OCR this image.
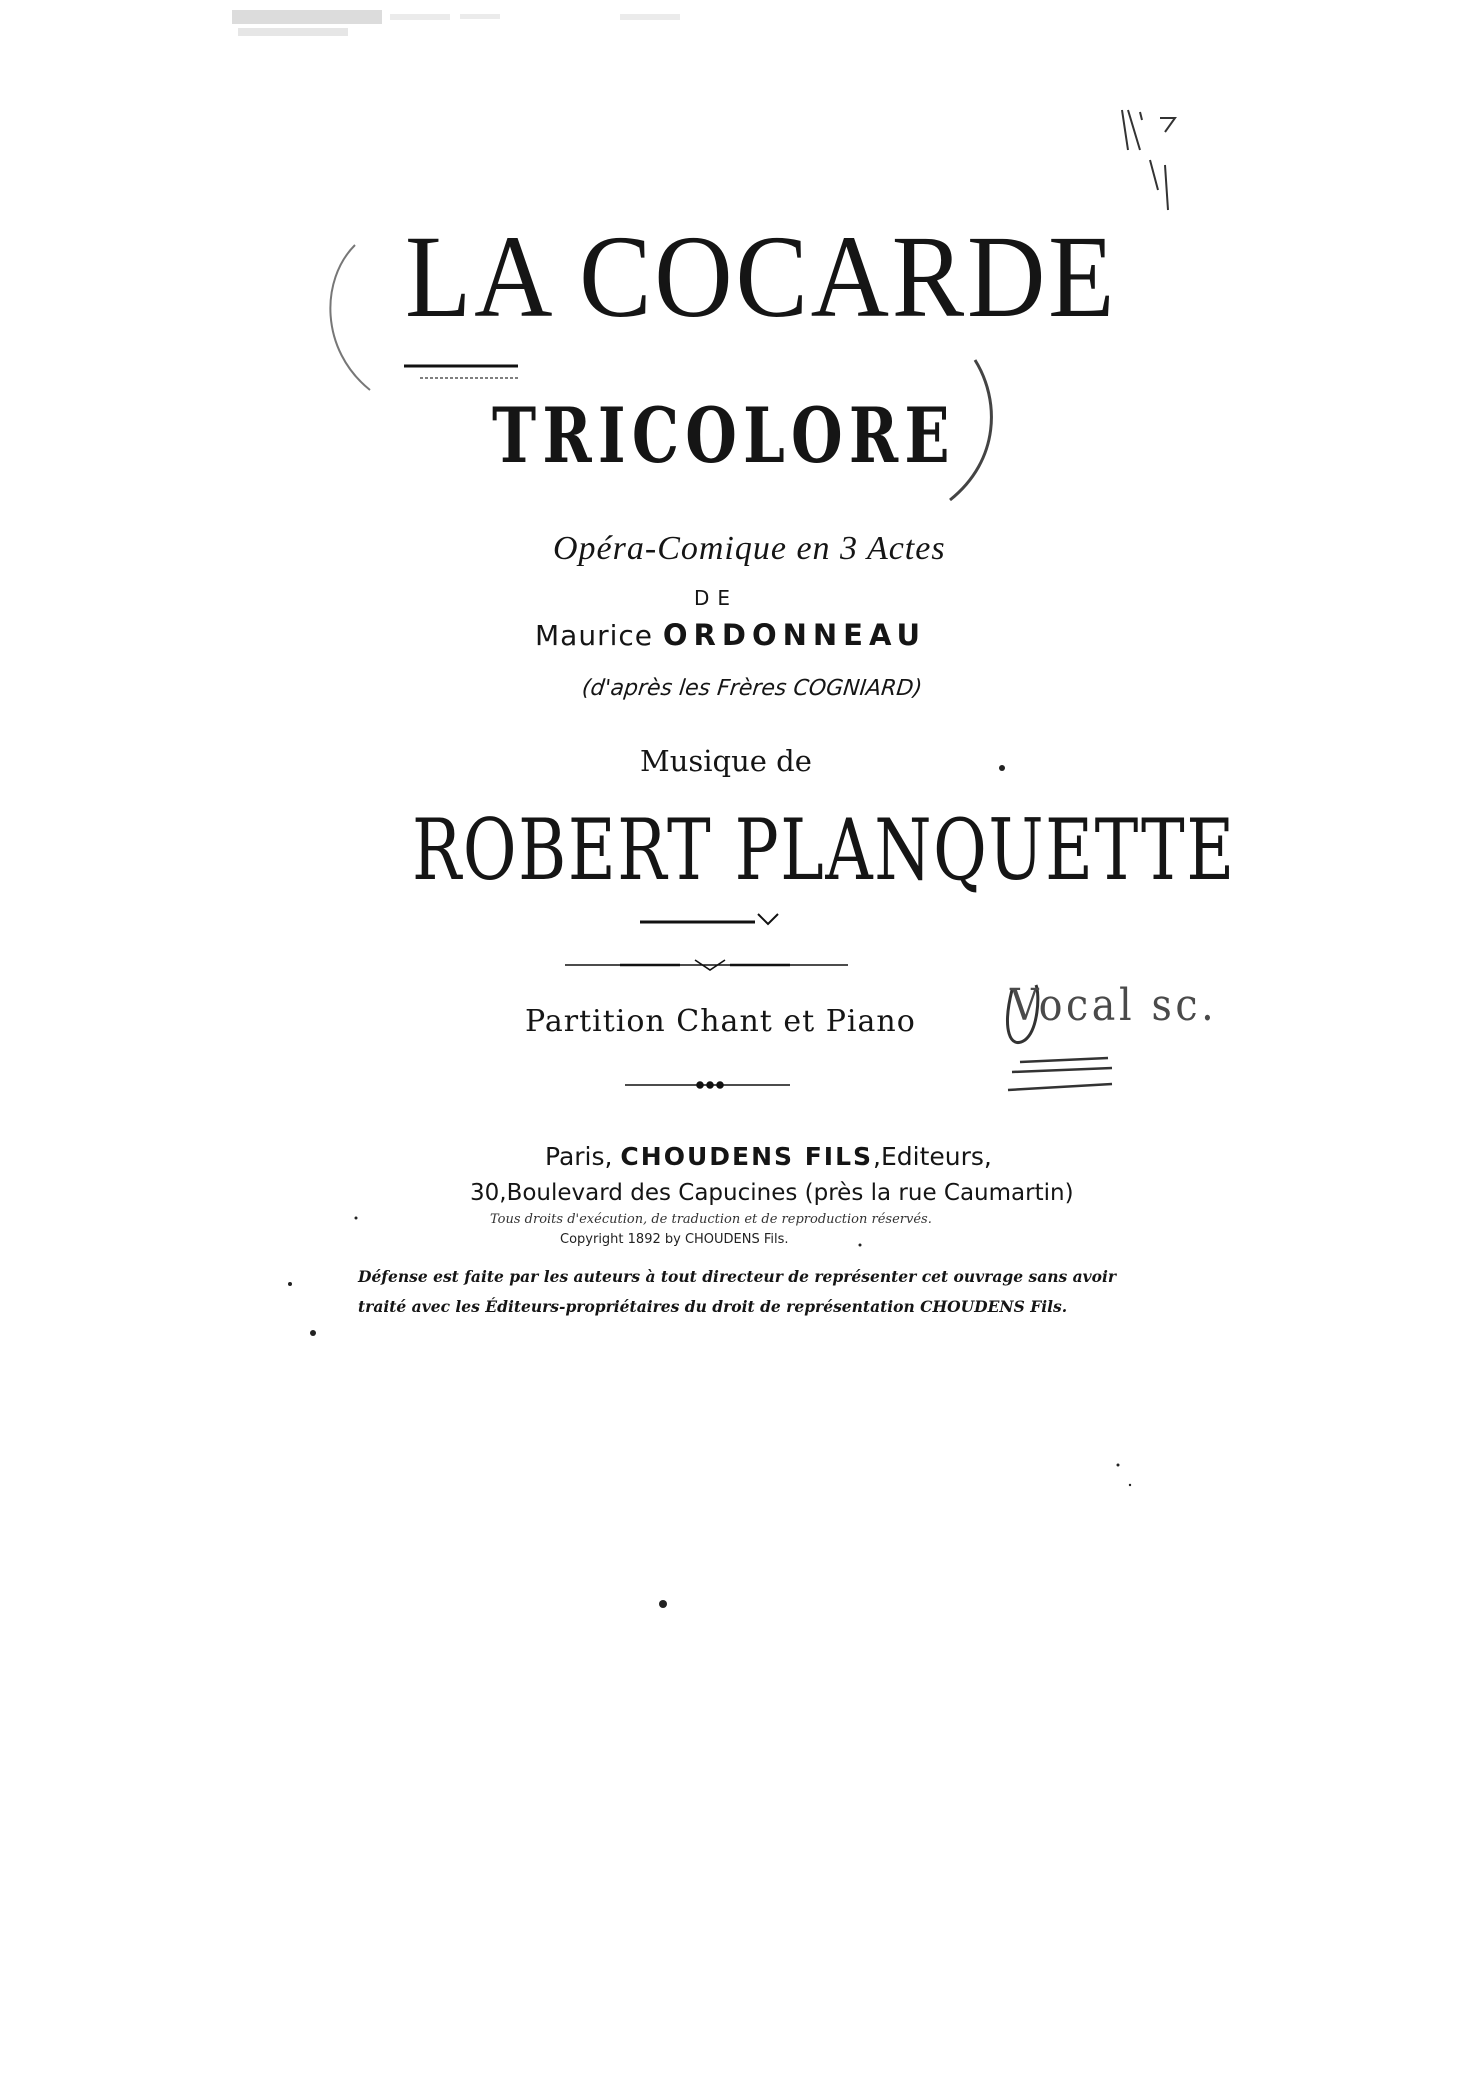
LA COCARDE
TRICOLORE
Opéra-Comique en 3 Actes
DE
Maurice ORDONNEAU
(d'après les Frères COGNIARD)
Musique de
ROBERT PLANQUETTE
Partition Chant et Piano Vocal sc.
Paris, CHOUDENS FILS,Editeurs,
30,Boulevard des Capucines (près la rue Caumartin)
Tous droits d'exécution, de traduction et de reproduction réservés.
Copyright 1892 by CHOUDENS Fils.
Défense est faite par les auteurs à tout directeur de représenter cet ouvrage sans avoir
traité avec les Éditeurs-propriétaires du droit de représentation CHOUDENS Fils.
